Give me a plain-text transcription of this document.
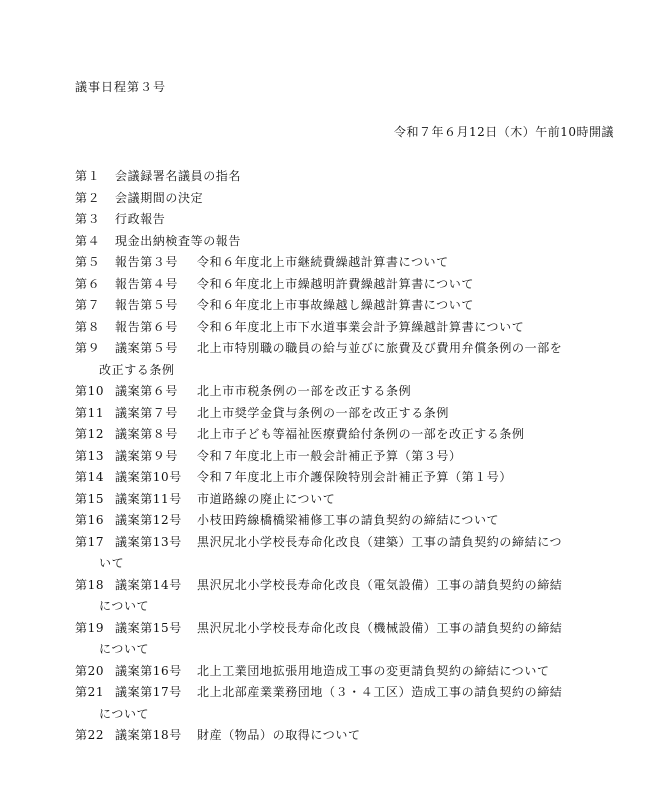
議事日程第３号
令和７年６月12日（木）午前10時開議
第１	会議録署名議員の指名
第２	会議期間の決定
第３	行政報告
第４	現金出納検査等の報告
第５	報告第３号	令和６年度北上市継続費繰越計算書について
第６	報告第４号	令和６年度北上市繰越明許費繰越計算書について
第７	報告第５号	令和６年度北上市事故繰越し繰越計算書について
第８	報告第６号	令和６年度北上市下水道事業会計予算繰越計算書について
第９	議案第５号	北上市特別職の職員の給与並びに旅費及び費用弁償条例の一部を
改正する条例
第10 議案第６号	北上市市税条例の一部を改正する条例
第11 議案第７号	北上市奨学金貸与条例の一部を改正する条例
第12 議案第８号	北上市子ども等福祉医療費給付条例の一部を改正する条例
第13 議案第９号	令和７年度北上市一般会計補正予算（第３号）
第14 議案第10号	令和７年度北上市介護保険特別会計補正予算（第１号）
第15 議案第11号	市道路線の廃止について
第16 議案第12号	小枝田跨線橋橋梁補修工事の請負契約の締結について
第17 議案第13号	黒沢尻北小学校長寿命化改良（建築）工事の請負契約の締結につ
いて
第18 議案第14号	黒沢尻北小学校長寿命化改良（電気設備）工事の請負契約の締結
について
第19 議案第15号	黒沢尻北小学校長寿命化改良（機械設備）工事の請負契約の締結
について
第20 議案第16号	北上工業団地拡張用地造成工事の変更請負契約の締結について
第21 議案第17号	北上北部産業業務団地（３・４工区）造成工事の請負契約の締結
について
第22 議案第18号	財産（物品）の取得について
